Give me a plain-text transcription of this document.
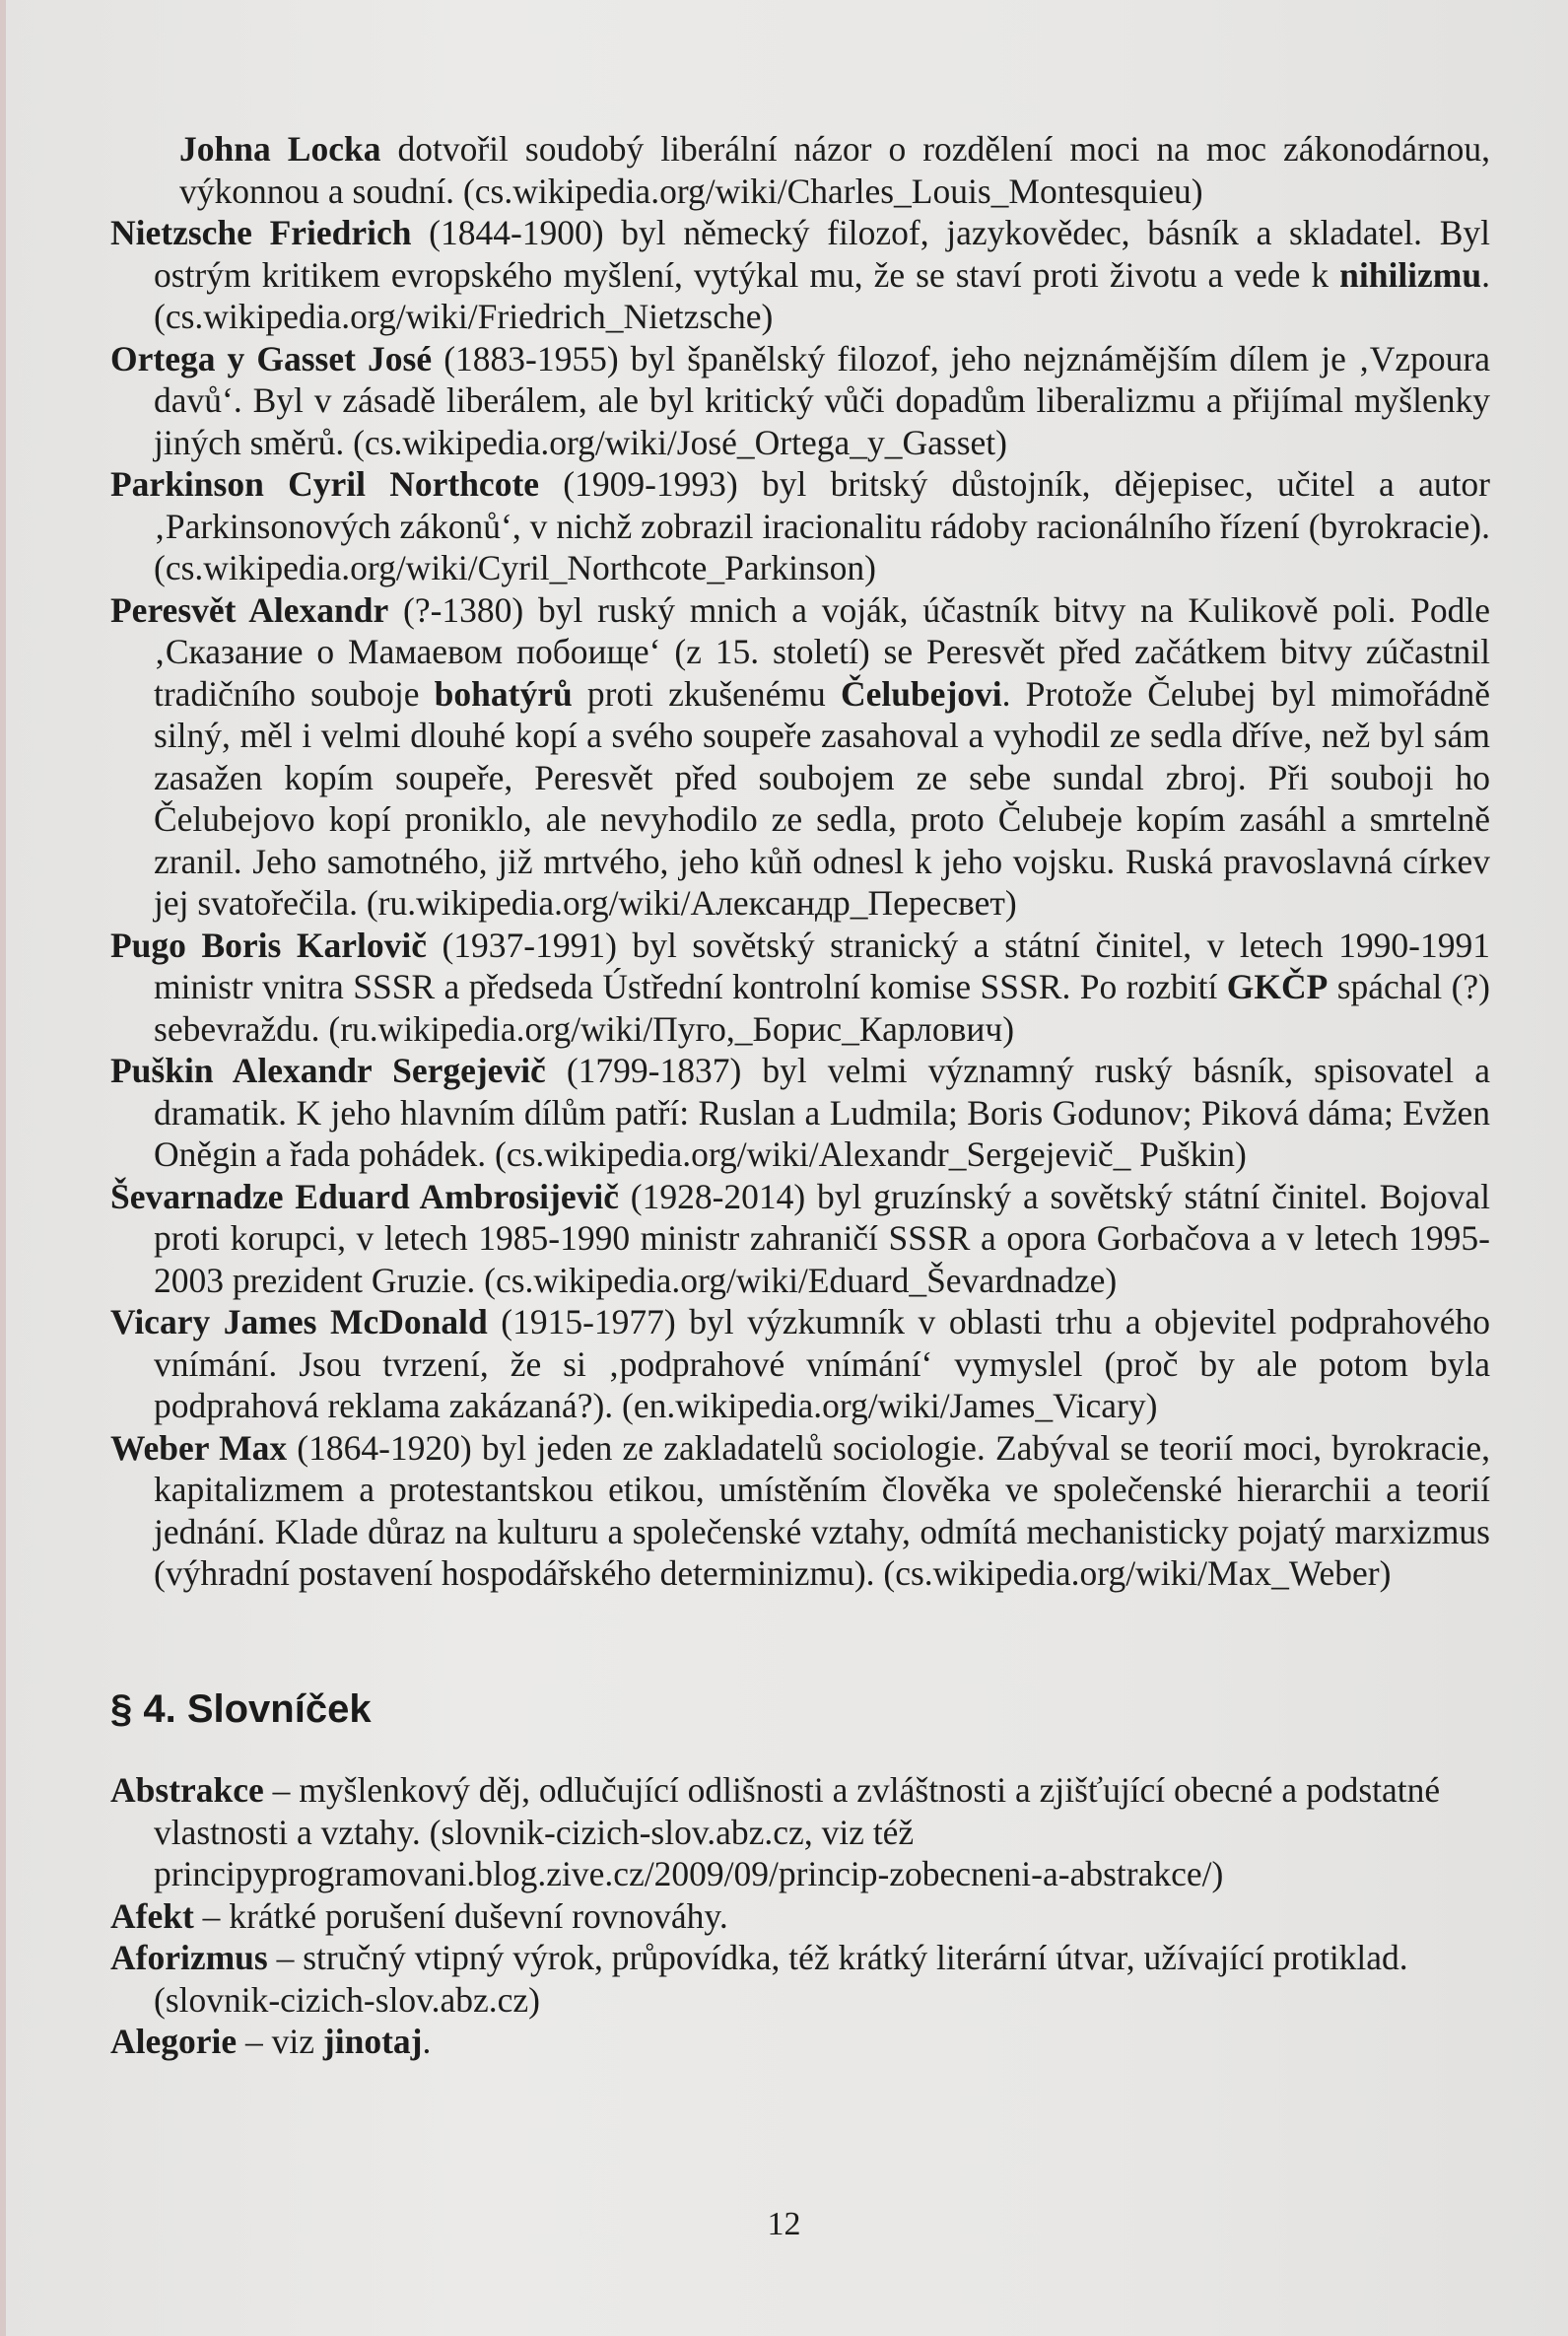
Johna Locka dotvořil soudobý liberální názor o rozdělení moci na moc zákonodárnou, výkonnou a soudní. (cs.wikipedia.org/wiki/Charles_Louis_Montesquieu)

Nietzsche Friedrich (1844-1900) byl německý filozof, jazykovědec, básník a skladatel. Byl ostrým kritikem evropského myšlení, vytýkal mu, že se staví proti životu a vede k nihilizmu. (cs.wikipedia.org/wiki/Friedrich_Nietzsche)

Ortega y Gasset José (1883-1955) byl španělský filozof, jeho nejznámějším dílem je ‚Vzpoura davů‘. Byl v zásadě liberálem, ale byl kritický vůči dopadům liberalizmu a přijímal myšlenky jiných směrů. (cs.wikipedia.org/wiki/José_Ortega_y_Gasset)

Parkinson Cyril Northcote (1909-1993) byl britský důstojník, dějepisec, učitel a autor ‚Parkinsonových zákonů‘, v nichž zobrazil iracionalitu rádoby racionálního řízení (byrokracie). (cs.wikipedia.org/wiki/Cyril_Northcote_Parkinson)

Peresvět Alexandr (?-1380) byl ruský mnich a voják, účastník bitvy na Kulikově poli. Podle ‚Сказание о Мамаевом побоище‘ (z 15. století) se Peresvět před začátkem bitvy zúčastnil tradičního souboje bohatýrů proti zkušenému Čelubejovi. Protože Čelubej byl mimořádně silný, měl i velmi dlouhé kopí a svého soupeře zasahoval a vyhodil ze sedla dříve, než byl sám zasažen kopím soupeře, Peresvět před soubojem ze sebe sundal zbroj. Při souboji ho Čelubejovo kopí proniklo, ale nevyhodilo ze sedla, proto Čelubeje kopím zasáhl a smrtelně zranil. Jeho samotného, již mrtvého, jeho kůň odnesl k jeho vojsku. Ruská pravoslavná církev jej svatořečila. (ru.wikipedia.org/wiki/Александр_Пересвет)

Pugo Boris Karlovič (1937-1991) byl sovětský stranický a státní činitel, v letech 1990-1991 ministr vnitra SSSR a předseda Ústřední kontrolní komise SSSR. Po rozbití GKČP spáchal (?) sebevraždu. (ru.wikipedia.org/wiki/Пуго,_Борис_Карлович)

Puškin Alexandr Sergejevič (1799-1837) byl velmi významný ruský básník, spisovatel a dramatik. K jeho hlavním dílům patří: Ruslan a Ludmila; Boris Godunov; Piková dáma; Evžen Oněgin a řada pohádek. (cs.wikipedia.org/wiki/Alexandr_Sergejevič_ Puškin)

Ševarnadze Eduard Ambrosijevič (1928-2014) byl gruzínský a sovětský státní činitel. Bojoval proti korupci, v letech 1985-1990 ministr zahraničí SSSR a opora Gorbačova a v letech 1995-2003 prezident Gruzie. (cs.wikipedia.org/wiki/Eduard_Ševardnadze)

Vicary James McDonald (1915-1977) byl výzkumník v oblasti trhu a objevitel podprahového vnímání. Jsou tvrzení, že si ‚podprahové vnímání‘ vymyslel (proč by ale potom byla podprahová reklama zakázaná?). (en.wikipedia.org/wiki/James_Vicary)

Weber Max (1864-1920) byl jeden ze zakladatelů sociologie. Zabýval se teorií moci, byrokracie, kapitalizmem a protestantskou etikou, umístěním člověka ve společenské hierarchii a teorií jednání. Klade důraz na kulturu a společenské vztahy, odmítá mechanisticky pojatý marxizmus (výhradní postavení hospodářského determinizmu). (cs.wikipedia.org/wiki/Max_Weber)

§ 4. Slovníček

Abstrakce – myšlenkový děj, odlučující odlišnosti a zvláštnosti a zjišťující obecné a podstatné vlastnosti a vztahy. (slovnik-cizich-slov.abz.cz, viz též principyprogramovani.blog.zive.cz/2009/09/princip-zobecneni-a-abstrakce/)

Afekt – krátké porušení duševní rovnováhy.

Aforizmus – stručný vtipný výrok, průpovídka, též krátký literární útvar, užívající protiklad. (slovnik-cizich-slov.abz.cz)

Alegorie – viz jinotaj.

12
